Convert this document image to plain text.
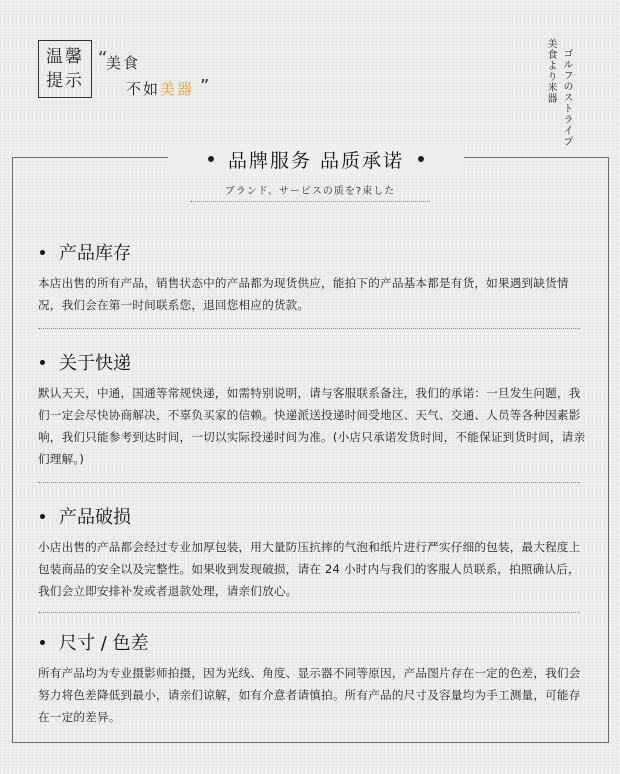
温馨
提示
“
美食
不如美器 ”	美食より米器 ゴルフのストライプ
品牌服务 品质承诺
ブランド、サービスの质を?束した
产品库存
本店出售的所有产品，销售状态中的产品都为现货供应，能拍下的产品基本都是有货，如果遇到缺货情况，我们会在第一时间联系您，退回您相应的货款。
关于快递
默认天天，中通，国通等常规快递，如需特别说明，请与客服联系备注，我们的承诺：一旦发生问题，我们一定会尽快协商解决，不辜负买家的信赖。快递派送投递时间受地区、天气、交通、人员等各种因素影响，我们只能参考到达时间，一切以实际投递时间为准。(小店只承诺发货时间，不能保证到货时间，请亲们理解。)
产品破损
小店出售的产品都会经过专业加厚包装，用大量防压抗摔的气泡和纸片进行严实仔细的包装，最大程度上包装商品的安全以及完整性。如果收到发现破损，请在 24 小时内与我们的客服人员联系，拍照确认后，我们会立即安排补发或者退款处理，请亲们放心。
尺寸 / 色差
所有产品均为专业摄影师拍摄，因为光线、角度、显示器不同等原因，产品图片存在一定的色差，我们会努力将色差降低到最小，请亲们谅解，如有介意者请慎拍。所有产品的尺寸及容量均为手工测量，可能存在一定的差异。
